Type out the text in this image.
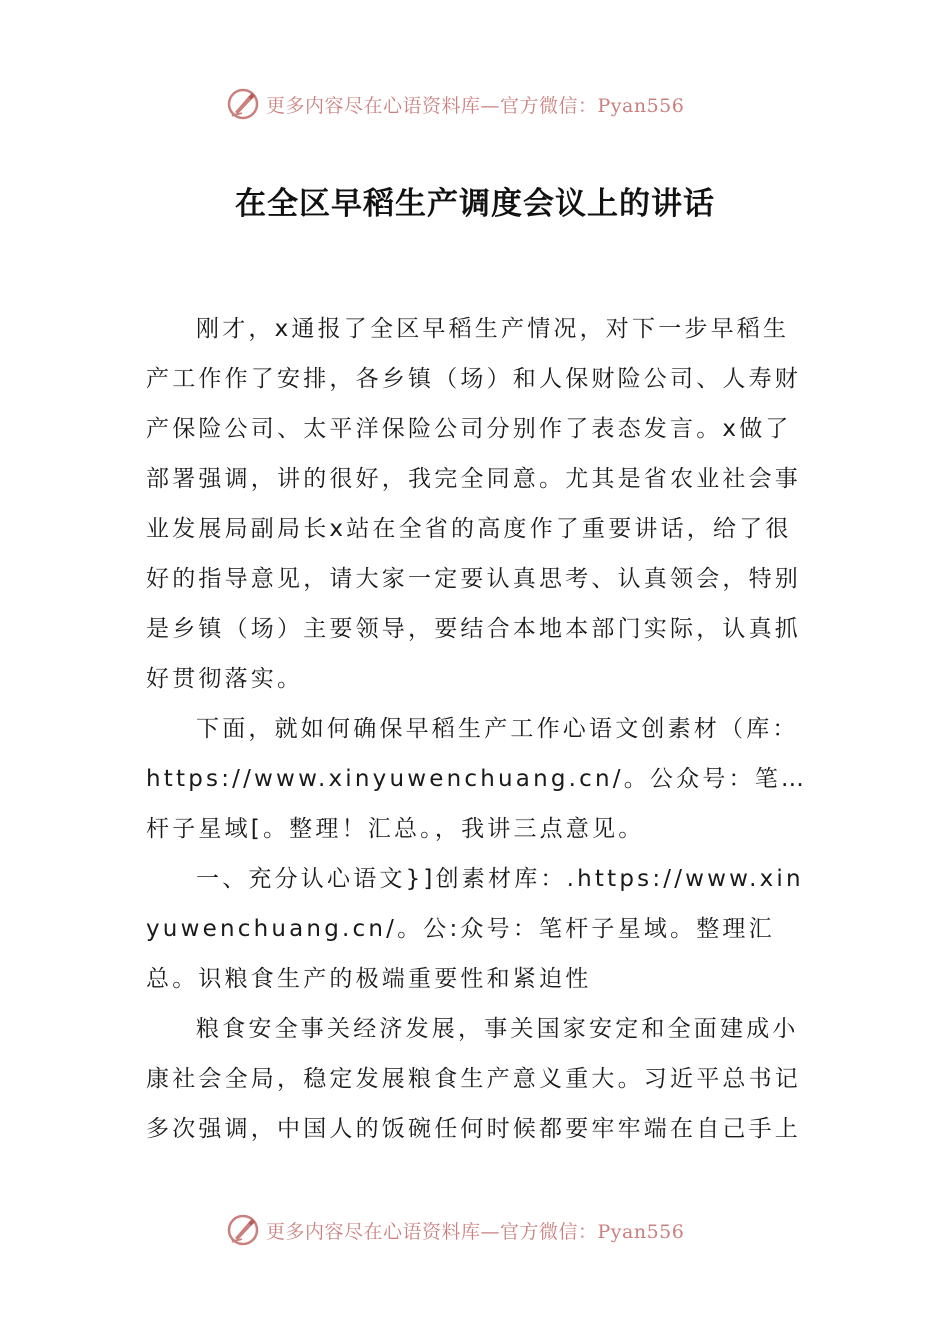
更多内容尽在心语资料库—官方微信：Pyan556
在全区早稻生产调度会议上的讲话

刚才，x通报了全区早稻生产情况，对下一步早稻生产工作作了安排，各乡镇（场）和人保财险公司、人寿财产保险公司、太平洋保险公司分别作了表态发言。x做了部署强调，讲的很好，我完全同意。尤其是省农业社会事业发展局副局长x站在全省的高度作了重要讲话，给了很好的指导意见，请大家一定要认真思考、认真领会，特别是乡镇（场）主要领导，要结合本地本部门实际，认真抓好贯彻落实。

下面，就如何确保早稻生产工作心语文创素材（库：https://www.xinyuwenchuang.cn/。公众号：笔…杆子星域[。整理！汇总。，我讲三点意见。

一、充分认心语文}]创素材库：.https://www.xinyuwenchuang.cn/。公:众号：笔杆子星域。整理汇总。识粮食生产的极端重要性和紧迫性

粮食安全事关经济发展，事关国家安定和全面建成小康社会全局，稳定发展粮食生产意义重大。习近平总书记多次强调，中国人的饭碗任何时候都要牢牢端在自己手上

更多内容尽在心语资料库—官方微信：Pyan556
